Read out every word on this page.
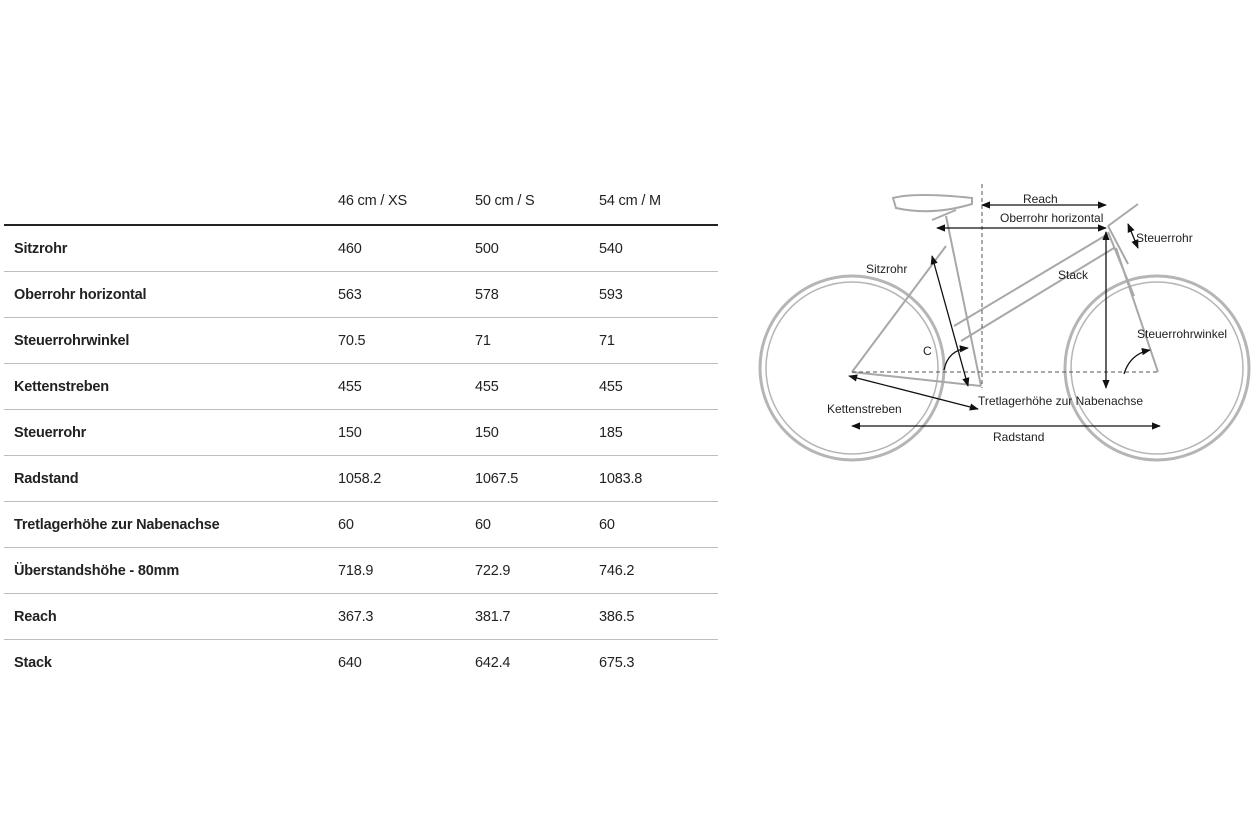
	46 cm / XS	50 cm / S	54 cm / M
Sitzrohr	460	500	540
Oberrohr horizontal	563	578	593
Steuerrohrwinkel	70.5	71	71
Kettenstreben	455	455	455
Steuerrohr	150	150	185
Radstand	1058.2	1067.5	1083.8
Tretlagerhöhe zur Nabenachse	60	60	60
Überstandshöhe - 80mm	718.9	722.9	746.2
Reach	367.3	381.7	386.5
Stack	640	642.4	675.3
Reach
Oberrohr horizontal
Steuerrohr
Sitzrohr	Stack
Steuerrohrwinkel
C
Kettenstreben
Tretlagerhöhe zur Nabenachse
Radstand
